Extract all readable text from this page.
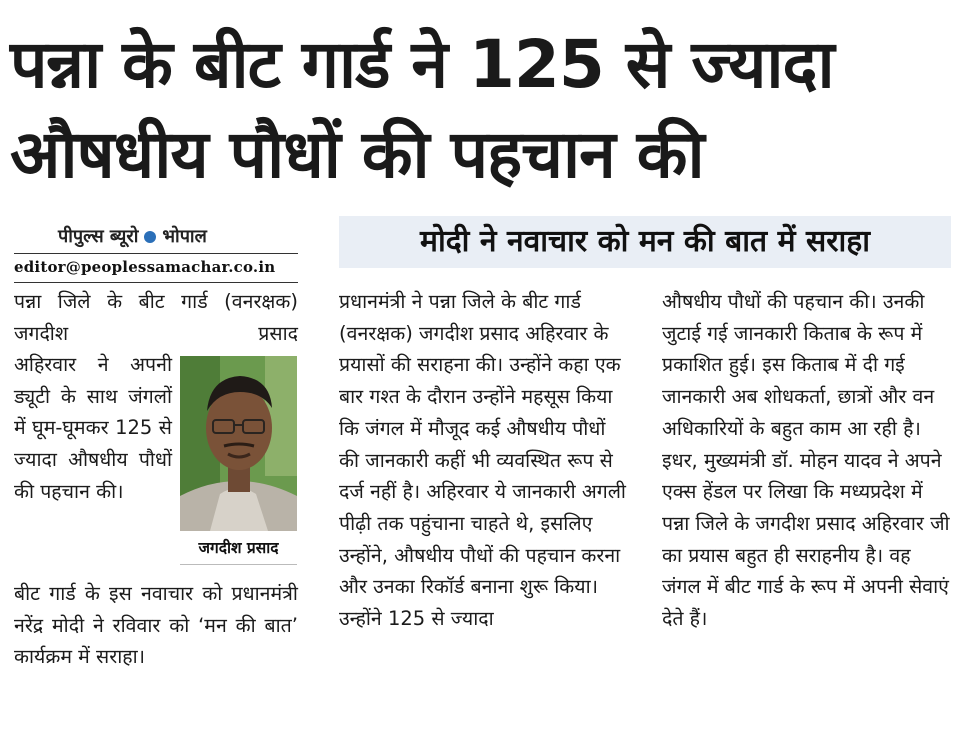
पन्ना के बीट गार्ड ने 125 से ज्यादा
औषधीय पौधों की पहचान की
पीपुल्स ब्यूरो भोपाल
editor@peoplessamachar.co.in
मोदी ने नवाचार को मन की बात में सराहा
पन्ना जिले के बीट गार्ड (वनरक्षक) जगदीश प्रसाद
अहिरवार ने अपनी ड्यूटी के साथ जंगलों में घूम-घूमकर 125 से ज्यादा औषधीय पौधों की पहचान की।
बीट गार्ड के इस नवाचार को प्रधानमंत्री नरेंद्र मोदी ने रविवार को ‘मन की बात’ कार्यक्रम में सराहा।
जगदीश प्रसाद
प्रधानमंत्री ने पन्ना जिले के बीट गार्ड (वनरक्षक) जगदीश प्रसाद अहिरवार के प्रयासों की सराहना की। उन्होंने कहा एक बार गश्त के दौरान उन्होंने महसूस किया कि जंगल में मौजूद कई औषधीय पौधों की जानकारी कहीं भी व्यवस्थित रूप से दर्ज नहीं है। अहिरवार ये जानकारी अगली पीढ़ी तक पहुंचाना चाहते थे, इसलिए उन्होंने, औषधीय पौधों की पहचान करना और उनका रिकॉर्ड बनाना शुरू किया। उन्होंने 125 से ज्यादा
औषधीय पौधों की पहचान की। उनकी जुटाई गई जानकारी किताब के रूप में प्रकाशित हुई। इस किताब में दी गई जानकारी अब शोधकर्ता, छात्रों और वन अधिकारियों के बहुत काम आ रही है। इधर, मुख्यमंत्री डॉ. मोहन यादव ने अपने एक्स हेंडल पर लिखा कि मध्यप्रदेश में पन्ना जिले के जगदीश प्रसाद अहिरवार जी का प्रयास बहुत ही सराहनीय है। वह जंगल में बीट गार्ड के रूप में अपनी सेवाएं देते हैं।
